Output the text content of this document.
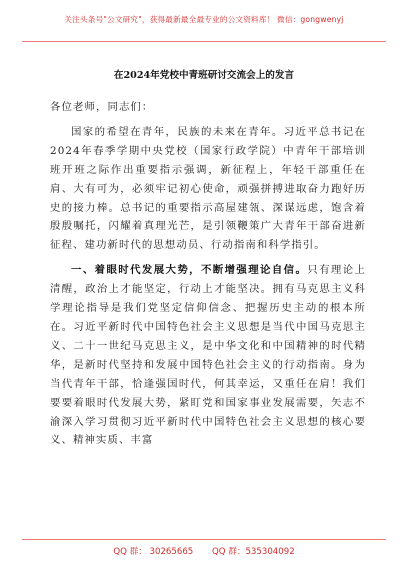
关注头条号"公文研究"，获得最新最全最专业的公文资料库！ 微信：gongwenyj
在2024年党校中青班研讨交流会上的发言

各位老师，同志们：

国家的希望在青年，民族的未来在青年。习近平总书记在2024年春季学期中央党校（国家行政学院）中青年干部培训班开班之际作出重要指示强调，新征程上，年轻干部重任在肩、大有可为，必须牢记初心使命，顽强拼搏进取奋力跑好历史的接力棒。总书记的重要指示高屋建瓴、深谋远虑，饱含着殷殷嘱托，闪耀着真理光芒，是引领鞭策广大青年干部奋进新征程、建功新时代的思想动员、行动指南和科学指引。

一、着眼时代发展大势，不断增强理论自信。只有理论上清醒，政治上才能坚定，行动上才能坚决。拥有马克思主义科学理论指导是我们党坚定信仰信念、把握历史主动的根本所在。习近平新时代中国特色社会主义思想是当代中国马克思主义、二十一世纪马克思主义，是中华文化和中国精神的时代精华，是新时代坚持和发展中国特色社会主义的行动指南。身为当代青年干部，恰逢强国时代，何其幸运，又重任在肩！我们要要着眼时代发展大势，紧盯党和国家事业发展需要，矢志不渝深入学习贯彻习近平新时代中国特色社会主义思想的核心要义、精神实质、丰富

QQ 群： 30265665 QQ 群：535304092
